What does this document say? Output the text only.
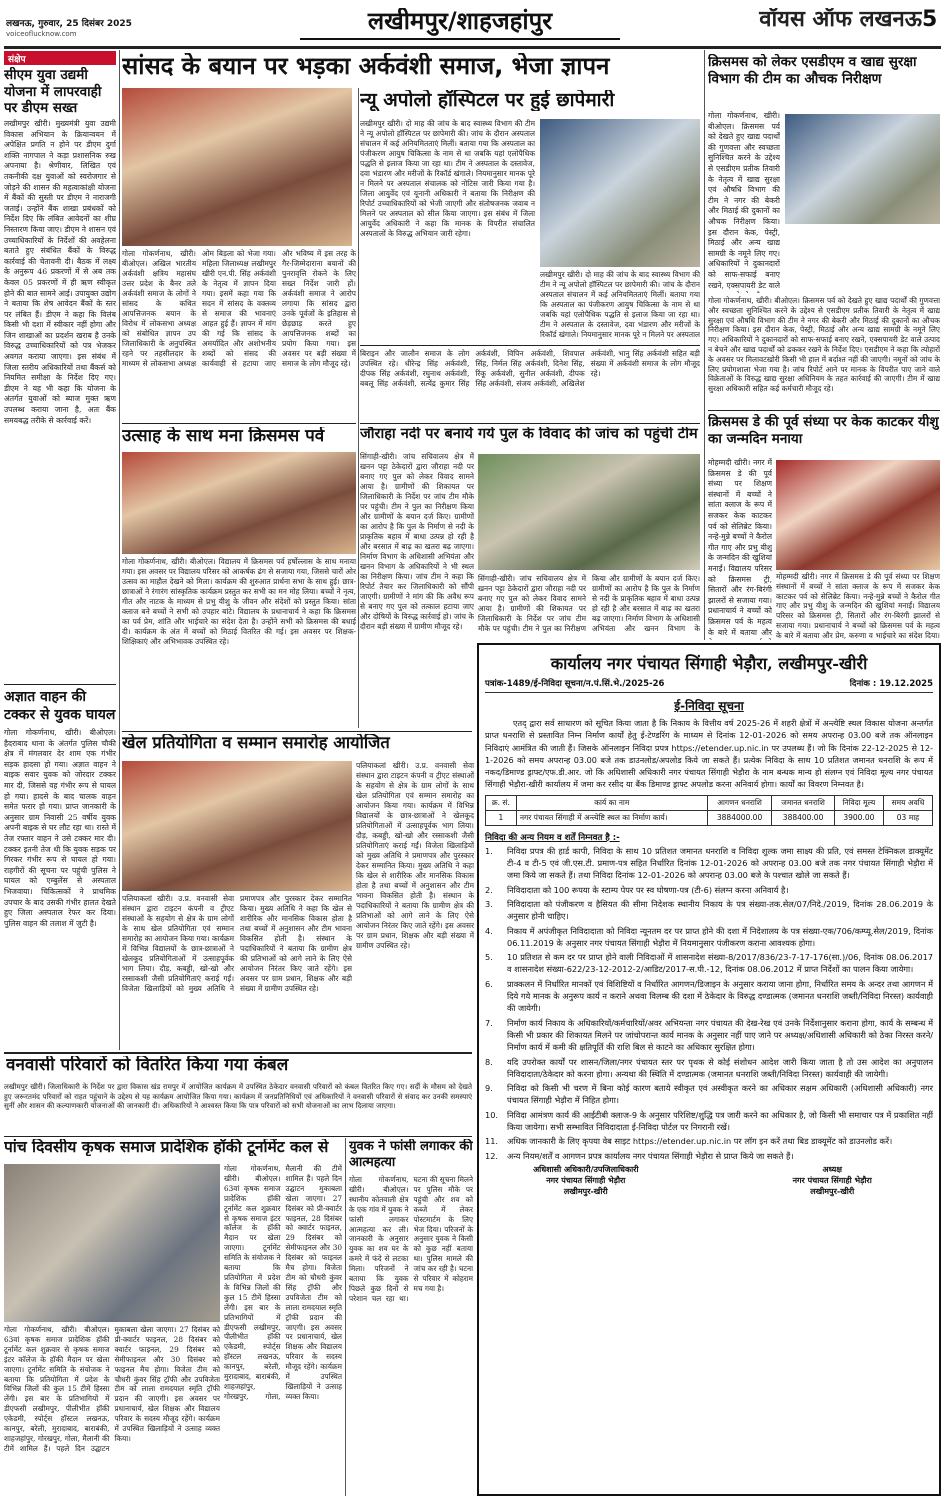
लखनऊ, गुरुवार, 25 दिसंबर 2025
voiceoflucknow.com	लखीमपुर/शाहजहांपुर	वॉयस ऑफ लखनऊ 5
संक्षेप
सीएम युवा उद्यमी योजना में लापरवाही पर डीएम सख्त
लखीमपुर खीरी। मुख्यमंत्री युवा उद्यमी विकास अभियान के क्रियान्वयन में अपेक्षित प्रगति न होने पर डीएम दुर्गा शक्ति नागपाल ने कड़ा प्रशासनिक रुख अपनाया है। श्रेणीवार, लिखित एवं तकनीकी दक्ष युवाओं को स्वरोजगार से जोड़ने की शासन की महत्वाकांक्षी योजना में बैंकों की सुस्ती पर डीएम ने नाराजगी जताई। उन्होंने बैंक शाखा प्रबंधकों को निर्देश दिए कि लंबित आवेदनों का शीघ्र निस्तारण किया जाए। डीएम ने शासन एवं उच्चाधिकारियों के निर्देशों की अवहेलना बताते हुए संबंधित बैंकों के विरुद्ध कार्रवाई की चेतावनी दी। बैठक में लक्ष्य के अनुरूप 46 प्रकरणों में से अब तक केवल 05 प्रकरणों में ही ऋण स्वीकृत होने की बात सामने आई। उपायुक्त उद्योग ने बताया कि शेष आवेदन बैंकों के स्तर पर लंबित हैं। डीएम ने कहा कि विलंब किसी भी दशा में स्वीकार नहीं होगा और जिन शाखाओं का प्रदर्शन खराब है उनके विरुद्ध उच्चाधिकारियों को पत्र भेजकर अवगत कराया जाएगा। इस संबंध में जिला स्तरीय अधिकारियों तथा बैंकर्स को नियमित समीक्षा के निर्देश दिए गए। डीएम ने यह भी कहा कि योजना के अंतर्गत युवाओं को ब्याज मुक्त ऋण उपलब्ध कराया जाना है, अतः बैंक समयबद्ध तरीके से कार्रवाई करें।
अज्ञात वाहन की टक्कर से युवक घायल
गोला गोकर्णनाथ, खीरी। बीओएल। हैदराबाद थाना के अंतर्गत पुलिस चौकी क्षेत्र में मंगलवार देर शाम एक गंभीर सड़क हादसा हो गया। अज्ञात वाहन ने बाइक सवार युवक को जोरदार टक्कर मार दी, जिससे वह गंभीर रूप से घायल हो गया। हादसे के बाद चालक वाहन समेत फरार हो गया। प्राप्त जानकारी के अनुसार ग्राम निवासी 25 वर्षीय युवक अपनी बाइक से घर लौट रहा था। रास्ते में तेज रफ्तार वाहन ने उसे टक्कर मार दी। टक्कर इतनी तेज थी कि युवक सड़क पर गिरकर गंभीर रूप से घायल हो गया। राहगीरों की सूचना पर पहुंची पुलिस ने घायल को एम्बुलेंस से अस्पताल भिजवाया। चिकित्सकों ने प्राथमिक उपचार के बाद उसकी गंभीर हालत देखते हुए जिला अस्पताल रेफर कर दिया। पुलिस वाहन की तलाश में जुटी है।
सांसद के बयान पर भड़का अर्कवंशी समाज, भेजा ज्ञापन
गोला गोकर्णनाथ, खीरी। बीओएल। अखिल भारतीय अर्कवंशी क्षत्रिय महासंघ उत्तर प्रदेश के बैनर तले अर्कवंशी समाज के लोगों ने सांसद के कथित आपत्तिजनक बयान के विरोध में लोकसभा अध्यक्ष को संबोधित ज्ञापन उप जिलाधिकारी के अनुपस्थित रहने पर तहसीलदार के माध्यम से लोकसभा अध्यक्ष ओम बिड़ला को भेजा गया। महिला जिलाध्यक्ष लखीमपुर खीरी एन.पी. सिंह अर्कवंशी के नेतृत्व में ज्ञापन दिया गया। इसमें कहा गया कि सदन में सांसद के वक्तव्य से समाज की भावनाएं आहत हुई हैं। ज्ञापन में मांग की गई कि सांसद के अमर्यादित और अशोभनीय शब्दों को संसद की कार्यवाही से हटाया जाए और भविष्य में इस तरह के गैर-जिम्मेदाराना बयानों की पुनरावृत्ति रोकने के लिए सख्त निर्देश जारी हों। अर्कवंशी समाज ने आरोप लगाया कि सांसद द्वारा उनके पूर्वजों के इतिहास से छेड़छाड़ करते हुए आपत्तिजनक शब्दों का प्रयोग किया गया। इस अवसर पर बड़ी संख्या में समाज के लोग मौजूद रहे।
न्यू अपोलो हॉस्पिटल पर हुई छापेमारी
लखीमपुर खीरी। दो माह की जांच के बाद स्वास्थ्य विभाग की टीम ने न्यू अपोलो हॉस्पिटल पर छापेमारी की। जांच के दौरान अस्पताल संचालन में कई अनियमितताएं मिलीं। बताया गया कि अस्पताल का पंजीकरण आयुष चिकित्सा के नाम से था जबकि यहां एलोपैथिक पद्धति से इलाज किया जा रहा था। टीम ने अस्पताल के दस्तावेज, दवा भंडारण और मरीजों के रिकॉर्ड खंगाले। नियमानुसार मानक पूरे न मिलने पर अस्पताल संचालक को नोटिस जारी किया गया है। जिला आयुर्वेद एवं यूनानी अधिकारी ने बताया कि निरीक्षण की रिपोर्ट उच्चाधिकारियों को भेजी जाएगी और संतोषजनक जवाब न मिलने पर अस्पताल को सील किया जाएगा। इस संबंध में जिला आयुर्वेद अधिकारी ने कहा कि मानक के विपरीत संचालित अस्पतालों के विरुद्ध अभियान जारी रहेगा।
लखीमपुर खीरी। दो माह की जांच के बाद स्वास्थ्य विभाग की टीम ने न्यू अपोलो हॉस्पिटल पर छापेमारी की। जांच के दौरान अस्पताल संचालन में कई अनियमितताएं मिलीं। बताया गया कि अस्पताल का पंजीकरण आयुष चिकित्सा के नाम से था जबकि यहां एलोपैथिक पद्धति से इलाज किया जा रहा था। टीम ने अस्पताल के दस्तावेज, दवा भंडारण और मरीजों के रिकॉर्ड खंगाले। नियमानुसार मानक पूरे न मिलने पर अस्पताल
बिराइन और जालौन समाज के लोग उपस्थित रहे। धीरेन्द्र सिंह अर्कवंशी, दीपक सिंह अर्कवंशी, रघुनाथ अर्कवंशी, बबलू सिंह अर्कवंशी, सत्येंद्र कुमार सिंह अर्कवंशी, विपिन अर्कवंशी, शिवपाल सिंह, निर्मल सिंह अर्कवंशी, दिनेश सिंह, रिंकू अर्कवंशी, सुनील अर्कवंशी, दीपक सिंह अर्कवंशी, संजय अर्कवंशी, अखिलेश अर्कवंशी, भानु सिंह अर्कवंशी सहित बड़ी संख्या में अर्कवंशी समाज के लोग मौजूद रहे।
क्रिसमस को लेकर एसडीएम व खाद्य सुरक्षा विभाग की टीम का औचक निरीक्षण
गोला गोकर्णनाथ, खीरी। बीओएल। क्रिसमस पर्व को देखते हुए खाद्य पदार्थों की गुणवत्ता और स्वच्छता सुनिश्चित करने के उद्देश्य से एसडीएम प्रतीक तिवारी के नेतृत्व में खाद्य सुरक्षा एवं औषधि विभाग की टीम ने नगर की बेकरी और मिठाई की दुकानों का औचक निरीक्षण किया। इस दौरान केक, पेस्ट्री, मिठाई और अन्य खाद्य सामग्री के नमूने लिए गए। अधिकारियों ने दुकानदारों को साफ-सफाई बनाए रखने, एक्सपायरी डेट वाले
गोला गोकर्णनाथ, खीरी। बीओएल। क्रिसमस पर्व को देखते हुए खाद्य पदार्थों की गुणवत्ता और स्वच्छता सुनिश्चित करने के उद्देश्य से एसडीएम प्रतीक तिवारी के नेतृत्व में खाद्य सुरक्षा एवं औषधि विभाग की टीम ने नगर की बेकरी और मिठाई की दुकानों का औचक निरीक्षण किया। इस दौरान केक, पेस्ट्री, मिठाई और अन्य खाद्य सामग्री के नमूने लिए गए। अधिकारियों ने दुकानदारों को साफ-सफाई बनाए रखने, एक्सपायरी डेट वाले उत्पाद न बेचने और खाद्य पदार्थों को ढककर रखने के निर्देश दिए। एसडीएम ने कहा कि त्योहारों के अवसर पर मिलावटखोरी किसी भी हाल में बर्दाश्त नहीं की जाएगी। नमूनों को जांच के लिए प्रयोगशाला भेजा गया है। जांच रिपोर्ट आने पर मानक के विपरीत पाए जाने वाले विक्रेताओं के विरुद्ध खाद्य सुरक्षा अधिनियम के तहत कार्रवाई की जाएगी। टीम में खाद्य सुरक्षा अधिकारी सहित कई कर्मचारी मौजूद रहे।
क्रिसमस डे की पूर्व संध्या पर केक काटकर यीशु का जन्मदिन मनाया
मोहम्मदी खीरी। नगर में क्रिसमस डे की पूर्व संध्या पर शिक्षण संस्थानों में बच्चों ने सांता क्लाज के रूप में सजकर केक काटकर पर्व को सेलिब्रेट किया। नन्हे-मुन्ने बच्चों ने कैरोल गीत गाए और प्रभु यीशु के जन्मदिन की खुशियां मनाईं। विद्यालय परिसर को क्रिसमस ट्री, सितारों और रंग-बिरंगी झालरों से सजाया गया। प्रधानाचार्य ने बच्चों को क्रिसमस पर्व के महत्व के बारे में बताया और
मोहम्मदी खीरी। नगर में क्रिसमस डे की पूर्व संध्या पर शिक्षण संस्थानों में बच्चों ने सांता क्लाज के रूप में सजकर केक काटकर पर्व को सेलिब्रेट किया। नन्हे-मुन्ने बच्चों ने कैरोल गीत गाए और प्रभु यीशु के जन्मदिन की खुशियां मनाईं। विद्यालय परिसर को क्रिसमस ट्री, सितारों और रंग-बिरंगी झालरों से सजाया गया। प्रधानाचार्य ने बच्चों को क्रिसमस पर्व के महत्व के बारे में बताया और प्रेम, करुणा व भाईचारे का संदेश दिया।
उत्साह के साथ मना क्रिसमस पर्व
गोला गोकर्णनाथ, खीरी। बीओएल। विद्यालय में क्रिसमस पर्व हर्षोल्लास के साथ मनाया गया। इस अवसर पर विद्यालय परिसर को आकर्षक ढंग से सजाया गया, जिससे चारों ओर उत्सव का माहौल देखने को मिला। कार्यक्रम की शुरुआत प्रार्थना सभा के साथ हुई। छात्र-छात्राओं ने रंगारंग सांस्कृतिक कार्यक्रम प्रस्तुत कर सभी का मन मोह लिया। बच्चों ने नृत्य, गीत और नाटक के माध्यम से प्रभु यीशु के जीवन और संदेशों को प्रस्तुत किया। सांता क्लाज बने बच्चों ने सभी को उपहार बांटे। विद्यालय के प्रधानाचार्य ने कहा कि क्रिसमस का पर्व प्रेम, शांति और भाईचारे का संदेश देता है। उन्होंने सभी को क्रिसमस की बधाई दी। कार्यक्रम के अंत में बच्चों को मिठाई वितरित की गई। इस अवसर पर शिक्षक-शिक्षिकाएं और अभिभावक उपस्थित रहे।
जौराहा नदी पर बनाये गये पुल के विवाद की जांच को पहुंची टीम
सिंगाही-खीरी। जांच सचिवालय क्षेत्र में खनन पट्टा ठेकेदारों द्वारा जौराहा नदी पर बनाए गए पुल को लेकर विवाद सामने आया है। ग्रामीणों की शिकायत पर जिलाधिकारी के निर्देश पर जांच टीम मौके पर पहुंची। टीम ने पुल का निरीक्षण किया और ग्रामीणों के बयान दर्ज किए। ग्रामीणों का आरोप है कि पुल के निर्माण से नदी के प्राकृतिक बहाव में बाधा उत्पन्न हो रही है और बरसात में बाढ़ का खतरा बढ़ जाएगा। निर्माण विभाग के अधिशासी अभियंता और खनन विभाग के अधिकारियों ने भी स्थल का निरीक्षण किया। जांच टीम ने कहा कि रिपोर्ट तैयार कर जिलाधिकारी को सौंपी जाएगी। ग्रामीणों ने मांग की कि अवैध रूप से बनाए गए पुल को तत्काल हटाया जाए और दोषियों के विरुद्ध कार्रवाई हो। जांच के दौरान बड़ी संख्या में ग्रामीण मौजूद रहे।
सिंगाही-खीरी। जांच सचिवालय क्षेत्र में खनन पट्टा ठेकेदारों द्वारा जौराहा नदी पर बनाए गए पुल को लेकर विवाद सामने आया है। ग्रामीणों की शिकायत पर जिलाधिकारी के निर्देश पर जांच टीम मौके पर पहुंची। टीम ने पुल का निरीक्षण किया और ग्रामीणों के बयान दर्ज किए। ग्रामीणों का आरोप है कि पुल के निर्माण से नदी के प्राकृतिक बहाव में बाधा उत्पन्न हो रही है और बरसात में बाढ़ का खतरा बढ़ जाएगा। निर्माण विभाग के अधिशासी अभियंता और खनन विभाग के
कार्यालय नगर पंचायत सिंगाही भेड़ौरा, लखीमपुर-खीरी
पत्रांक-1489/ई-निविदा सूचना/न.पं.सिं.भे./2025-26	दिनांक : 19.12.2025
ई-निविदा सूचना
एतद् द्वारा सर्व साधारण को सूचित किया जाता है कि निकाय के वित्तीय वर्ष 2025-26 में शहरी क्षेत्रों में अन्त्येष्टि स्थल विकास योजना अन्तर्गत प्राप्त धनराशि से प्रस्तावित निम्न निर्माण कार्यों हेतु ई-टेण्डरिंग के माध्यम से दिनांक 12-01-2026 को समय अपरान्ह 03.00 बजे तक ऑनलाइन निविदाएं आमंत्रित की जाती हैं। जिसके ऑनलाइन निविदा प्रपत्र https://etender.up.nic.in पर उपलब्ध हैं। जो कि दिनांक 22-12-2025 से 12-1-2026 को समय अपरान्ह 03.00 बजे तक डाउनलोड/अपलोड किये जा सकते हैं। प्रत्येक निविदा के साथ 10 प्रतिशत जमानत धनराशि के रूप में नकद/डिमाण्ड ड्राफ्ट/एफ.डी.आर. जो कि अधिशासी अधिकारी नगर पंचायत सिंगाही भेड़ौरा के नाम बन्धक मान्य हो संलग्न एवं निविदा मूल्य नगर पंचायत सिंगाही भेड़ौरा-खीरी कार्यालय में जमा कर रसीद या बैंक डिमाण्ड ड्राफ्ट अपलोड करना अनिवार्य होगा। कार्यों का विवरण निम्नवत है।
क्र. सं.	कार्य का नाम	आगणन धनराशि	जमानत धनराशि	निविदा मूल्य	समय अवधि
1	नगर पंचायत सिंगाही में अन्त्येष्टि स्थल का निर्माण कार्य।	3884000.00	388400.00	3900.00	03 माह
निविदा की अन्य नियम व शर्तें निम्नवत है :-
1.	निविदा प्रपत्र की हार्ड कापी, निविदा के साथ 10 प्रतिशत जमानत धनराशि व निविदा शुल्क जमा साक्ष्य की प्रति, एवं समस्त टेक्निकल डाक्यूमेंट टी-4 व टी-5 एवं जी.एस.टी. प्रमाण-पत्र सहित निर्धारित दिनांक 12-01-2026 को अपरान्ह 03.00 बजे तक नगर पंचायत सिंगाही भेड़ौरा में जमा किये जा सकते हैं। तथा निविदा दिनांक 12-01-2026 को अपरान्ह 03.00 बजे के पश्चात खोले जा सकते हैं।
2.	निविदादाता को 100 रूपया के स्टाम्प पेपर पर स्व घोषणा-पत्र (टी-6) संलग्न करना अनिवार्य है।
3.	निविदादाता को पंजीकरण व हैसियत की सीमा निदेशक स्थानीय निकाय के पत्र संख्या-तक.सेल/07/निदे./2019, दिनांक 28.06.2019 के अनुसार होनी चाहिए।
4.	निकाय में अपंजीकृत निविदादाता को निविदा न्यूनतम दर पर प्राप्त होने की दशा में निदेशालय के पत्र संख्या-एक/706/कम्प्यू.सेल/2019, दिनांक 06.11.2019 के अनुसार नगर पंचायत सिंगाही भेड़ौरा में नियमानुसार पंजीकरण कराना आवश्यक होगा।
5.	10 प्रतिशत से कम दर पर प्राप्त होने वाली निविदाओं में शासनादेश संख्या-8/2017/836/23-7-17-176(सा.)/06, दिनांक 08.06.2017 व शासनादेश संख्या-622/23-12-2012-2/आडिट/2017-स.पी.-12, दिनांक 08.06.2012 में प्राप्त निर्देशों का पालन किया जायेगा।
6.	प्राक्कलन में निर्धारित मानकों एवं विशिष्टियों व निर्धारित आगणन/डिजाइन के अनुसार कराया जाना होगा, निर्धारित समय के अन्दर तथा आगणन में दिये गये मानक के अनुरूप कार्य न कराने अथवा विलम्ब की दशा में ठेकेदार के विरुद्ध दण्डात्मक (जमानत धनराशि जब्ती/निविदा निरस्त) कार्यवाही की जायेगी।
7.	निर्माण कार्य निकाय के अधिकारियों/कर्मचारियों/अवर अभियन्ता नगर पंचायत की देख-रेख एवं उनके निर्देशानुसार कराना होगा, कार्य के सम्बन्ध में किसी भी प्रकार की शिकायत मिलने पर जांचोपरान्त कार्य मानक के अनुसार नहीं पाए जाने पर अध्यक्ष/अधिशासी अधिकारी को ठेका निरस्त करने/निर्माण कार्य में कमी की क्षतिपूर्ति की राशि बिल से काटने का अधिकार सुरक्षित होगा।
8.	यदि उपरोक्त कार्यों पर शासन/जिला/नगर पंचायत स्तर पर पृथक से कोई संशोधन आदेश जारी किया जाता है तो उस आदेश का अनुपालन निविदादाता/ठेकेदार को करना होगा। अन्यथा की स्थिति में दण्डात्मक (जमानत धनराशि जब्ती/निविदा निरस्त) कार्यवाही की जायेगी।
9.	निविदा को किसी भी चरण में बिना कोई कारण बताये स्वीकृत एवं अस्वीकृत करने का अधिकार सक्षम अधिकारी (अधिशासी अधिकारी) नगर पंचायत सिंगाही भेड़ौरा में निहित होगा।
10.	निविदा आमंत्रण कार्य की आईटीबी क्लाज-9 के अनुसार परिशिष्ट/शुद्धि पत्र जारी करने का अधिकार है, जो किसी भी समाचार पत्र में प्रकाशित नहीं किया जायेगा। सभी सम्भावित निविदादाता ई-निविदा पोर्टल पर निगरानी रखें।
11.	अधिक जानकारी के लिए कृपया वेब साइट https://etender.up.nic.in पर लॉग इन करें तथा बिड डाक्यूमेंट को डाउनलोड करें।
12.	अन्य नियम/शर्तें व आगणन प्रपत्र कार्यालय नगर पंचायत सिंगाही भेड़ौरा से प्राप्त किये जा सकते हैं।
अधिशासी अधिकारी/उपजिलाधिकारी
नगर पंचायत सिंगाही भेड़ौरा
लखीमपुर-खीरी
अध्यक्ष
नगर पंचायत सिंगाही भेड़ौरा
लखीमपुर-खीरी
खेल प्रतियोगिता व सम्मान समारोह आयोजित
पलियाकलां खीरी। उ.प्र. वनवासी सेवा संस्थान द्वारा टाइटन कंपनी व ट्रीएट संस्थाओं के सहयोग से क्षेत्र के ग्राम लोगों के साथ खेल प्रतियोगिता एवं सम्मान समारोह का आयोजन किया गया। कार्यक्रम में विभिन्न विद्यालयों के छात्र-छात्राओं ने खेलकूद प्रतियोगिताओं में उत्साहपूर्वक भाग लिया। दौड़, कबड्डी, खो-खो और रस्साकशी जैसी प्रतियोगिताएं कराई गईं। विजेता खिलाड़ियों को मुख्य अतिथि ने प्रमाणपत्र और पुरस्कार देकर सम्मानित किया। मुख्य अतिथि ने कहा कि खेल से शारीरिक और मानसिक विकास होता है तथा बच्चों में अनुशासन और टीम भावना विकसित होती है। संस्थान के पदाधिकारियों ने बताया कि ग्रामीण क्षेत्र की प्रतिभाओं को आगे लाने के लिए ऐसे आयोजन निरंतर किए जाते रहेंगे। इस अवसर पर ग्राम प्रधान, शिक्षक और बड़ी संख्या में ग्रामीण उपस्थित रहे।
पलियाकलां खीरी। उ.प्र. वनवासी सेवा संस्थान द्वारा टाइटन कंपनी व ट्रीएट संस्थाओं के सहयोग से क्षेत्र के ग्राम लोगों के साथ खेल प्रतियोगिता एवं सम्मान समारोह का आयोजन किया गया। कार्यक्रम में विभिन्न विद्यालयों के छात्र-छात्राओं ने खेलकूद प्रतियोगिताओं में उत्साहपूर्वक भाग लिया। दौड़, कबड्डी, खो-खो और रस्साकशी जैसी प्रतियोगिताएं कराई गईं। विजेता खिलाड़ियों को मुख्य अतिथि ने प्रमाणपत्र और पुरस्कार देकर सम्मानित किया। मुख्य अतिथि ने कहा कि खेल से शारीरिक और मानसिक विकास होता है तथा बच्चों में अनुशासन और टीम भावना विकसित होती है। संस्थान के पदाधिकारियों ने बताया कि ग्रामीण क्षेत्र की प्रतिभाओं को आगे लाने के लिए ऐसे आयोजन निरंतर किए जाते रहेंगे। इस अवसर पर ग्राम प्रधान, शिक्षक और बड़ी संख्या में ग्रामीण उपस्थित रहे।
वनवासी परिवारों को वितरित किया गया कंबल
लखीमपुर खीरी। जिलाधिकारी के निर्देश पर द्वारा विकास खंड रामपुर में आयोजित कार्यक्रम में उपस्थित ठेकेदार वनवासी परिवारों को कंबल वितरित किए गए। सर्दी के मौसम को देखते हुए जरूरतमंद परिवारों को राहत पहुंचाने के उद्देश्य से यह कार्यक्रम आयोजित किया गया। कार्यक्रम में जनप्रतिनिधियों एवं अधिकारियों ने वनवासी परिवारों से संवाद कर उनकी समस्याएं सुनीं और शासन की कल्याणकारी योजनाओं की जानकारी दी। अधिकारियों ने आश्वस्त किया कि पात्र परिवारों को सभी योजनाओं का लाभ दिलाया जाएगा।
पांच दिवसीय कृषक समाज प्रादेशिक हॉकी टूर्नामेंट कल से
गोला गोकर्णनाथ, खीरी। बीओएल। 63वां कृषक समाज प्रादेशिक हॉकी टूर्नामेंट कल शुक्रवार से कृषक समाज इंटर कॉलेज के हॉकी मैदान पर खेला जाएगा। टूर्नामेंट समिति के संयोजक ने बताया कि प्रतियोगिता में प्रदेश के विभिन्न जिलों की कुल 15 टीमें हिस्सा लेंगी। इस बार के प्रतिभागियों में डीएफसी लखीमपुर, पीलीभीत हॉकी एकेडमी, स्पोर्ट्स हॉस्टल लखनऊ, कानपुर, बरेली, मुरादाबाद, बाराबंकी, शाहजहांपुर, गोरखपुर, गोला, मैलानी की टीमें शामिल हैं। पहले दिन उद्घाटन मुकाबला खेला जाएगा। 27 दिसंबर को प्री-क्वार्टर फाइनल, 28 दिसंबर को क्वार्टर फाइनल, 29 दिसंबर को सेमीफाइनल और 30 दिसंबर को फाइनल मैच होगा। विजेता टीम को चौधरी कुंवर सिंह ट्रॉफी और उपविजेता टीम को लाला रामदयाल स्मृति ट्रॉफी प्रदान की जाएगी। इस अवसर पर प्रधानाचार्य, खेल शिक्षक और विद्यालय परिवार के सदस्य मौजूद रहेंगे। कार्यक्रम में उपस्थित खिलाड़ियों ने उत्साह व्यक्त किया।
गोला गोकर्णनाथ, खीरी। बीओएल। 63वां कृषक समाज प्रादेशिक हॉकी टूर्नामेंट कल शुक्रवार से कृषक समाज इंटर कॉलेज के हॉकी मैदान पर खेला जाएगा। टूर्नामेंट समिति के संयोजक ने बताया कि प्रतियोगिता में प्रदेश के विभिन्न जिलों की कुल 15 टीमें हिस्सा लेंगी। इस बार के प्रतिभागियों में डीएफसी लखीमपुर, पीलीभीत हॉकी एकेडमी, स्पोर्ट्स हॉस्टल लखनऊ, कानपुर, बरेली, मुरादाबाद, बाराबंकी, शाहजहांपुर, गोरखपुर, गोला, मैलानी की टीमें शामिल हैं। पहले दिन उद्घाटन मुकाबला खेला जाएगा। 27 दिसंबर को प्री-क्वार्टर फाइनल, 28 दिसंबर को क्वार्टर फाइनल, 29 दिसंबर को सेमीफाइनल और 30 दिसंबर को फाइनल मैच होगा। विजेता टीम को चौधरी कुंवर सिंह ट्रॉफी और उपविजेता टीम को लाला रामदयाल स्मृति ट्रॉफी प्रदान की जाएगी। इस अवसर पर प्रधानाचार्य, खेल शिक्षक और विद्यालय परिवार के सदस्य मौजूद रहेंगे। कार्यक्रम में उपस्थित खिलाड़ियों ने उत्साह व्यक्त किया।
युवक ने फांसी लगाकर की आत्महत्या
गोला गोकर्णनाथ, खीरी। बीओएल। स्थानीय कोतवाली क्षेत्र के एक गांव में युवक ने फांसी लगाकर आत्महत्या कर ली। जानकारी के अनुसार युवक का शव घर के कमरे में फंदे से लटका मिला। परिजनों ने बताया कि युवक पिछले कुछ दिनों से परेशान चल रहा था। घटना की सूचना मिलने पर पुलिस मौके पर पहुंची और शव को कब्जे में लेकर पोस्टमार्टम के लिए भेज दिया। परिजनों के अनुसार युवक ने किसी को कुछ नहीं बताया था। पुलिस मामले की जांच कर रही है। घटना से परिवार में कोहराम मच गया है।
